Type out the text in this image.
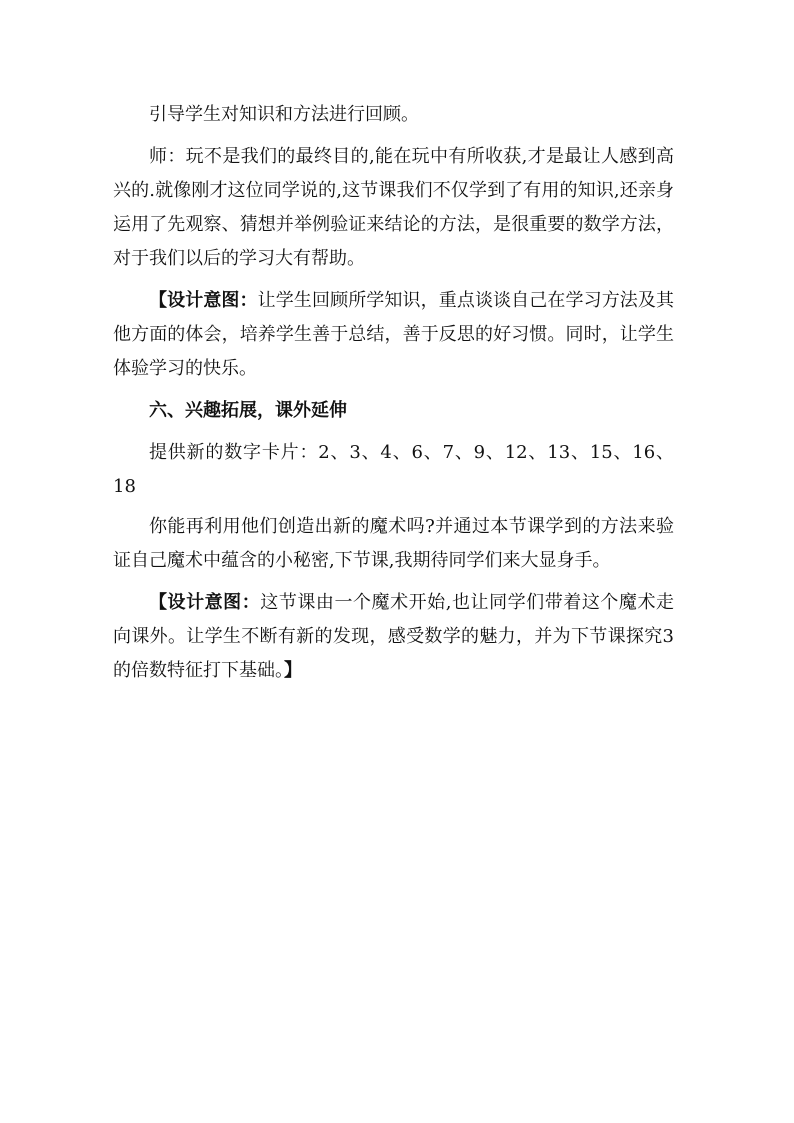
引导学生对知识和方法进行回顾。

师：玩不是我们的最终目的,能在玩中有所收获,才是最让人感到高兴的.就像刚才这位同学说的,这节课我们不仅学到了有用的知识,还亲身运用了先观察、猜想并举例验证来结论的方法，是很重要的数学方法，对于我们以后的学习大有帮助。

【设计意图：让学生回顾所学知识，重点谈谈自己在学习方法及其他方面的体会，培养学生善于总结，善于反思的好习惯。同时，让学生体验学习的快乐。

六、兴趣拓展，课外延伸

提供新的数字卡片：2、3、4、6、7、9、12、13、15、16、18

你能再利用他们创造出新的魔术吗?并通过本节课学到的方法来验证自己魔术中蕴含的小秘密,下节课,我期待同学们来大显身手。

【设计意图：这节课由一个魔术开始,也让同学们带着这个魔术走向课外。让学生不断有新的发现，感受数学的魅力，并为下节课探究3的倍数特征打下基础。】
